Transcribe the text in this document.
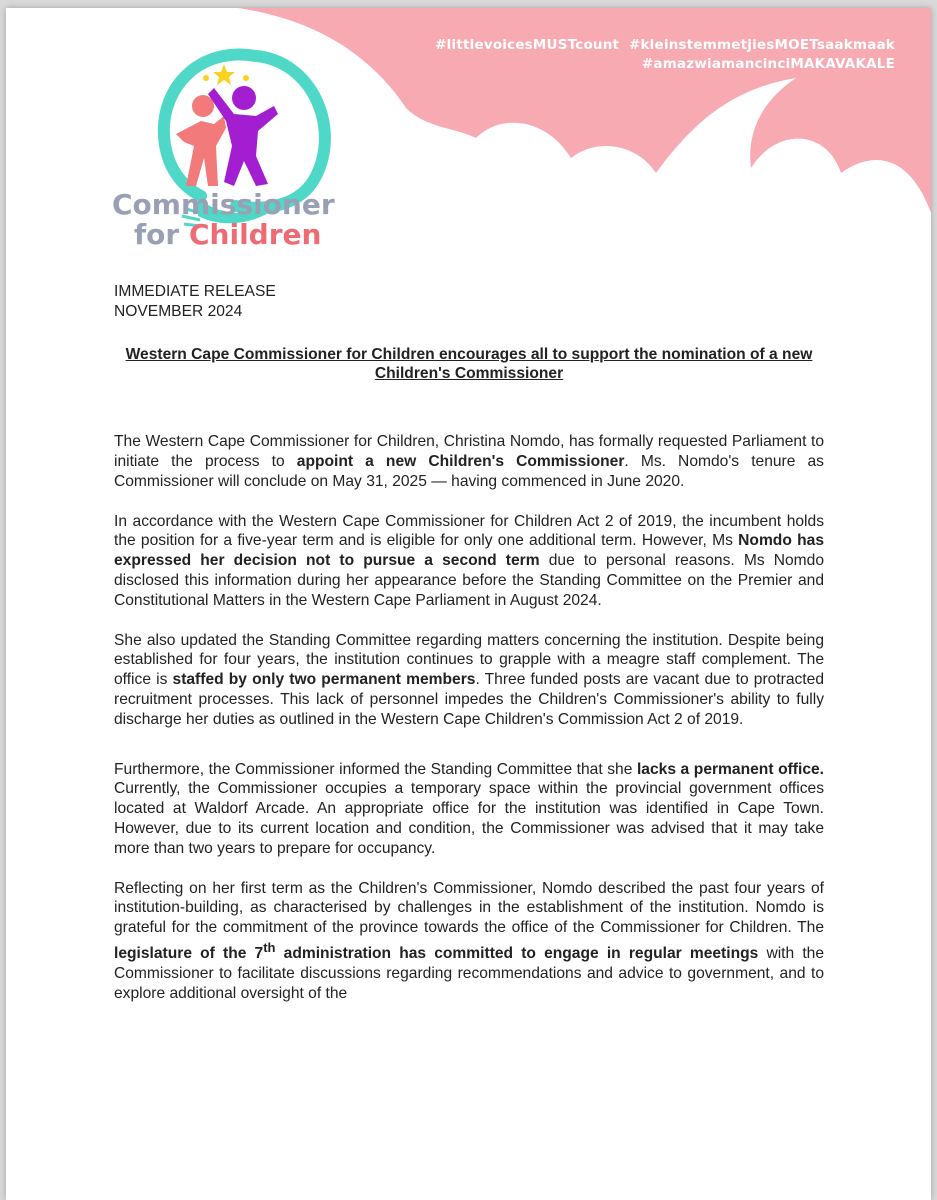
#littlevoicesMUSTcount  #kleinstemmetjiesMOETsaakmaak
#amazwiamancinciMAKAVAKALE
Commissioner
for Children

IMMEDIATE RELEASE
NOVEMBER 2024

Western Cape Commissioner for Children encourages all to support the nomination of a new Children's Commissioner

The Western Cape Commissioner for Children, Christina Nomdo, has formally requested Parliament to initiate the process to appoint a new Children's Commissioner. Ms. Nomdo's tenure as Commissioner will conclude on May 31, 2025 — having commenced in June 2020.

In accordance with the Western Cape Commissioner for Children Act 2 of 2019, the incumbent holds the position for a five-year term and is eligible for only one additional term. However, Ms Nomdo has expressed her decision not to pursue a second term due to personal reasons. Ms Nomdo disclosed this information during her appearance before the Standing Committee on the Premier and Constitutional Matters in the Western Cape Parliament in August 2024.

She also updated the Standing Committee regarding matters concerning the institution. Despite being established for four years, the institution continues to grapple with a meagre staff complement. The office is staffed by only two permanent members. Three funded posts are vacant due to protracted recruitment processes. This lack of personnel impedes the Children's Commissioner's ability to fully discharge her duties as outlined in the Western Cape Children's Commission Act 2 of 2019.

Furthermore, the Commissioner informed the Standing Committee that she lacks a permanent office. Currently, the Commissioner occupies a temporary space within the provincial government offices located at Waldorf Arcade. An appropriate office for the institution was identified in Cape Town. However, due to its current location and condition, the Commissioner was advised that it may take more than two years to prepare for occupancy.

Reflecting on her first term as the Children's Commissioner, Nomdo described the past four years of institution-building, as characterised by challenges in the establishment of the institution. Nomdo is grateful for the commitment of the province towards the office of the Commissioner for Children. The legislature of the 7th administration has committed to engage in regular meetings with the Commissioner to facilitate discussions regarding recommendations and advice to government, and to explore additional oversight of the
